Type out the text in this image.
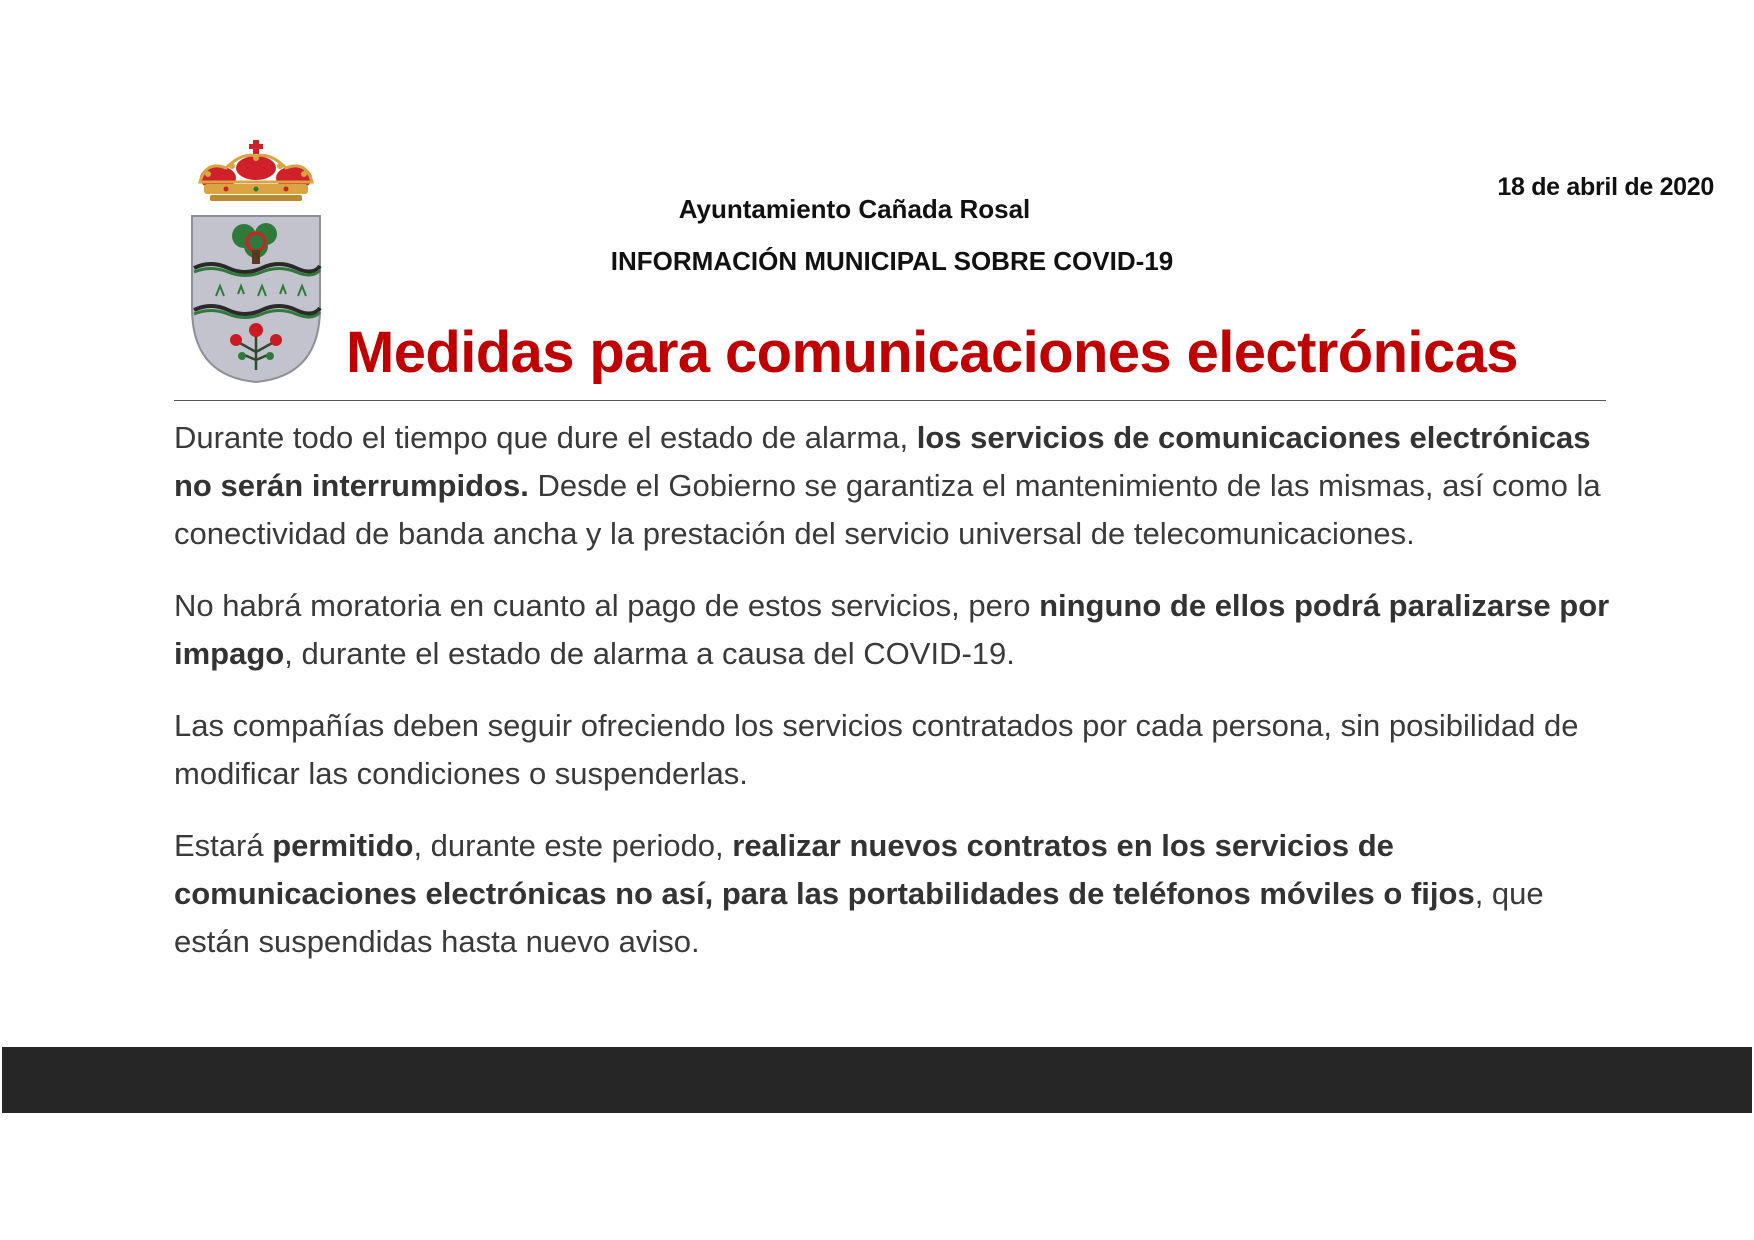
18 de abril de 2020
Ayuntamiento Cañada Rosal
INFORMACIÓN MUNICIPAL SOBRE COVID-19
Medidas para comunicaciones electrónicas

Durante todo el tiempo que dure el estado de alarma, los servicios de comunicaciones electrónicas no serán interrumpidos. Desde el Gobierno se garantiza el mantenimiento de las mismas, así como la conectividad de banda ancha y la prestación del servicio universal de telecomunicaciones.

No habrá moratoria en cuanto al pago de estos servicios, pero ninguno de ellos podrá paralizarse por impago, durante el estado de alarma a causa del COVID-19.

Las compañías deben seguir ofreciendo los servicios contratados por cada persona, sin posibilidad de modificar las condiciones o suspenderlas.

Estará permitido, durante este periodo, realizar nuevos contratos en los servicios de comunicaciones electrónicas no así, para las portabilidades de teléfonos móviles o fijos, que están suspendidas hasta nuevo aviso.
